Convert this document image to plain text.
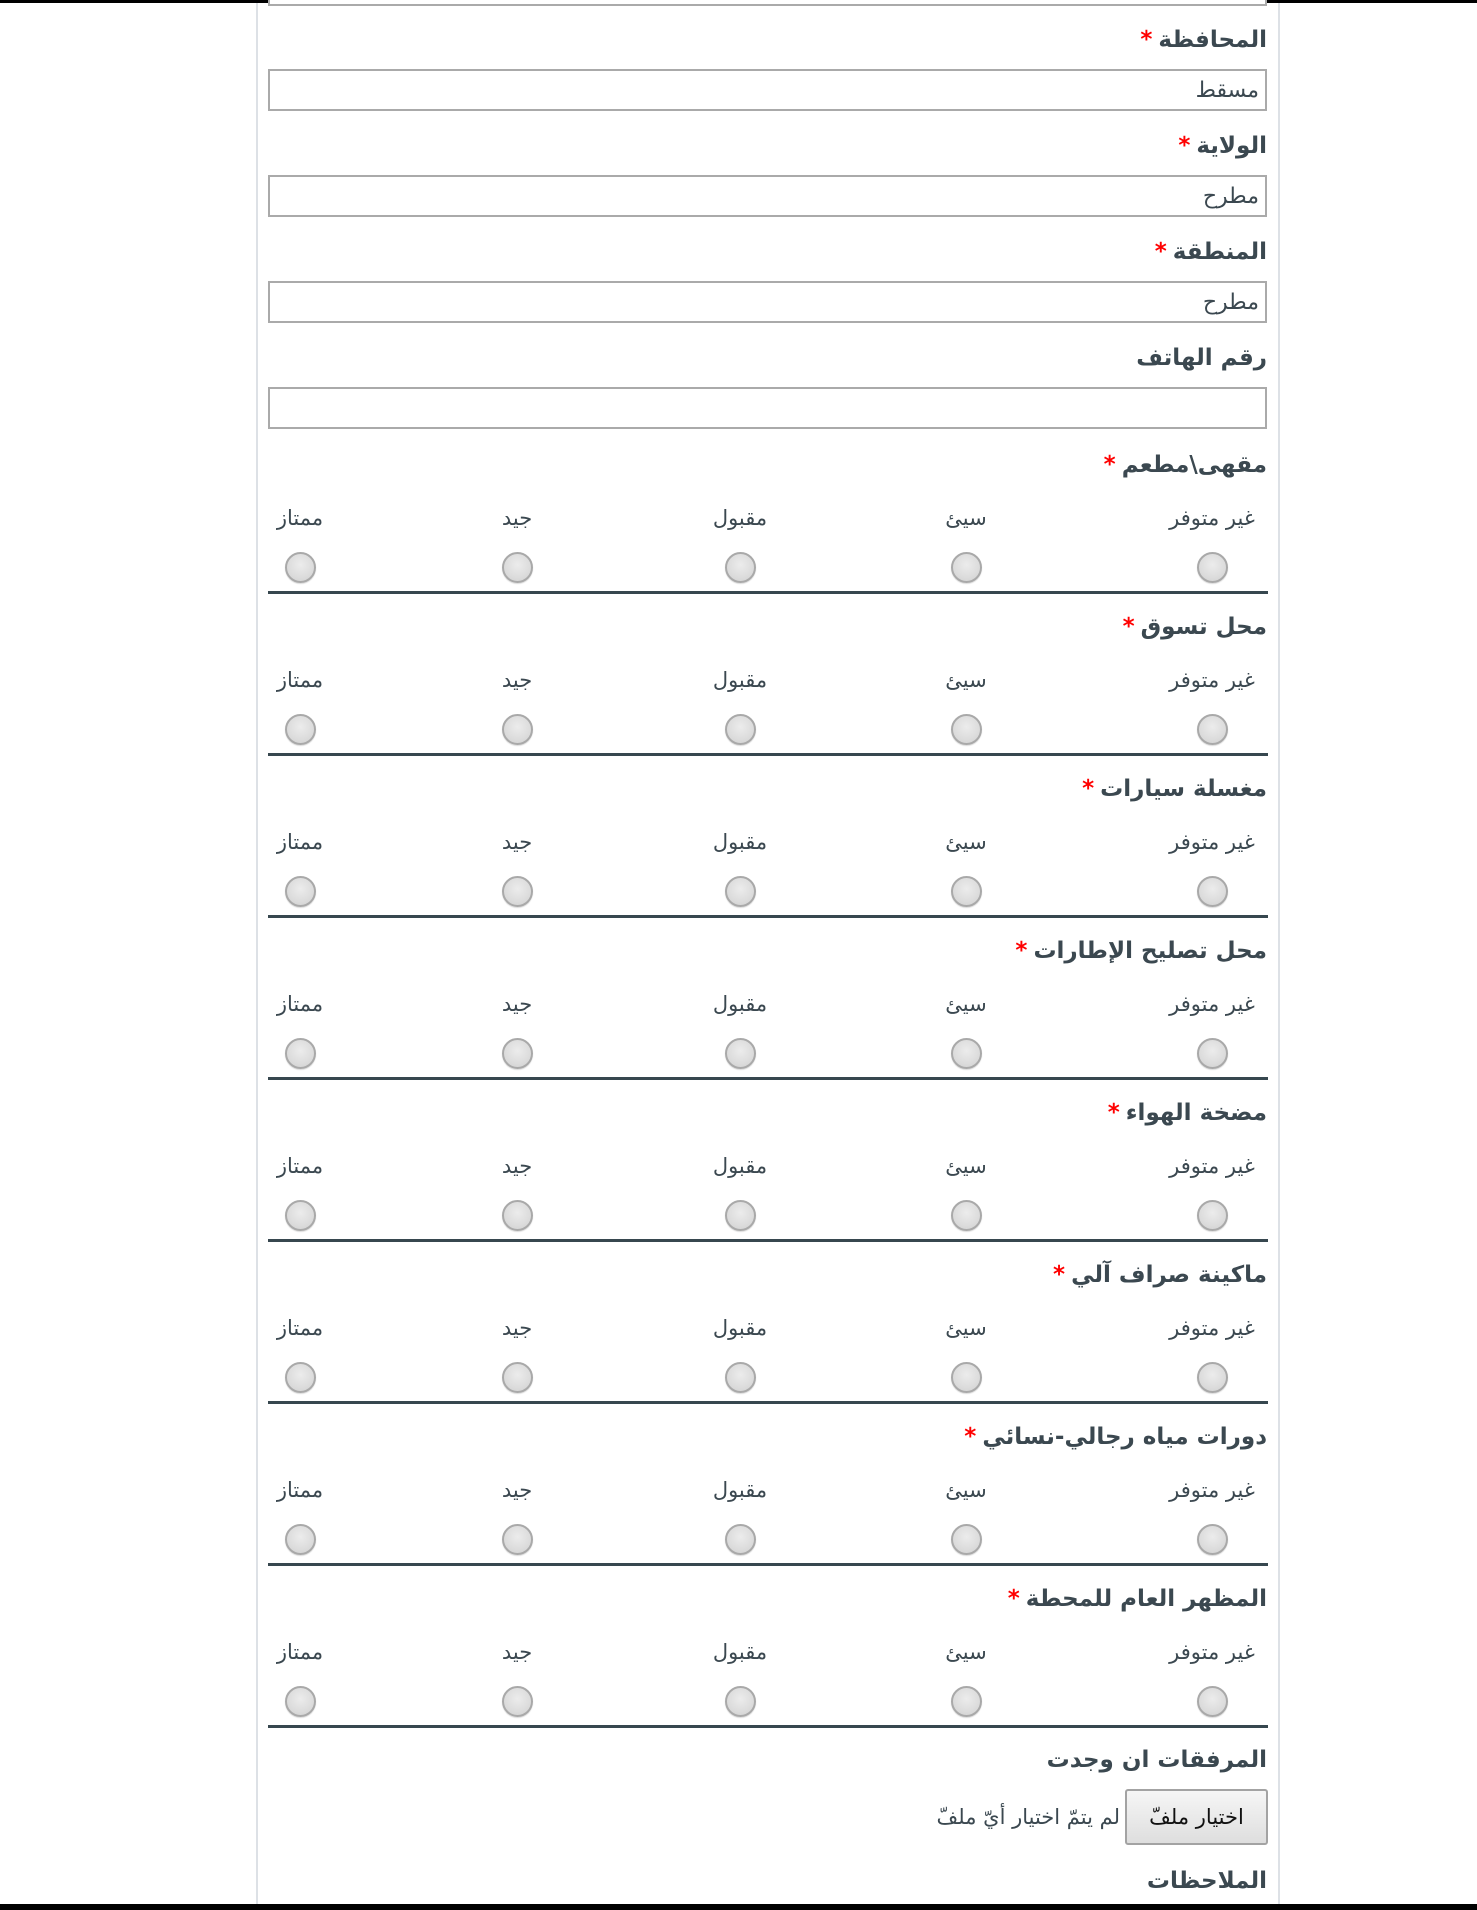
المحافظة*
مسقط
الولاية*
مطرح
المنطقة*
مطرح
رقم الهاتف
مقهى\مطعم*
غير متوفر
سيئ
مقبول
جيد
ممتاز
محل تسوق*
غير متوفر
سيئ
مقبول
جيد
ممتاز
مغسلة سيارات*
غير متوفر
سيئ
مقبول
جيد
ممتاز
محل تصليح الإطارات*
غير متوفر
سيئ
مقبول
جيد
ممتاز
مضخة الهواء*
غير متوفر
سيئ
مقبول
جيد
ممتاز
ماكينة صراف آلي*
غير متوفر
سيئ
مقبول
جيد
ممتاز
دورات مياه رجالي-نسائي*
غير متوفر
سيئ
مقبول
جيد
ممتاز
المظهر العام للمحطة*
غير متوفر
سيئ
مقبول
جيد
ممتاز
المرفقات ان وجدت
اختيار ملفّ
لم يتمّ اختيار أيّ ملفّ
الملاحظات
